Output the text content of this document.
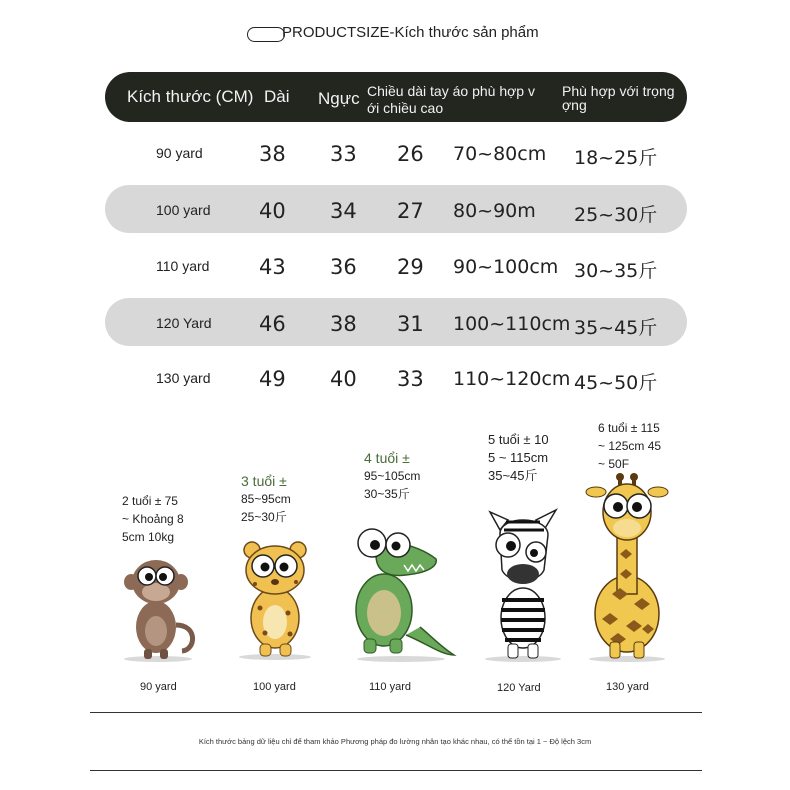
PRODUCTSIZE-Kích thước sản phẩm
Kích thước (CM) Dài Ngực Chiều dài tay áo phù hợp v
ới chiều cao
Phù hợp với trọng
ợng
90 yard	38 33 26 70~80cm 18~25斤
100 yard 40 34 27 80~90m 25~30斤
110 yard 43 36 29 90~100cm 30~35斤
120 Yard 46 38 31 100~110cm 35~45斤
130 yard 49 40 33 110~120cm 45~50斤

2 tuổi ± 75
~ Khoảng 8
5cm 10kg

3 tuổi ±
85~95cm
25~30斤

4 tuổi ±
95~105cm
30~35斤

5 tuổi ± 10
5 ~ 115cm
35~45斤

6 tuổi ± 115
~ 125cm 45
~ 50F

90 yard	100 yard	110 yard	120 Yard	130 yard
Kích thước bảng dữ liệu chỉ để tham khảo Phương pháp đo lường nhân tạo khác nhau, có thể tồn tại 1 ~ Độ lệch 3cm
